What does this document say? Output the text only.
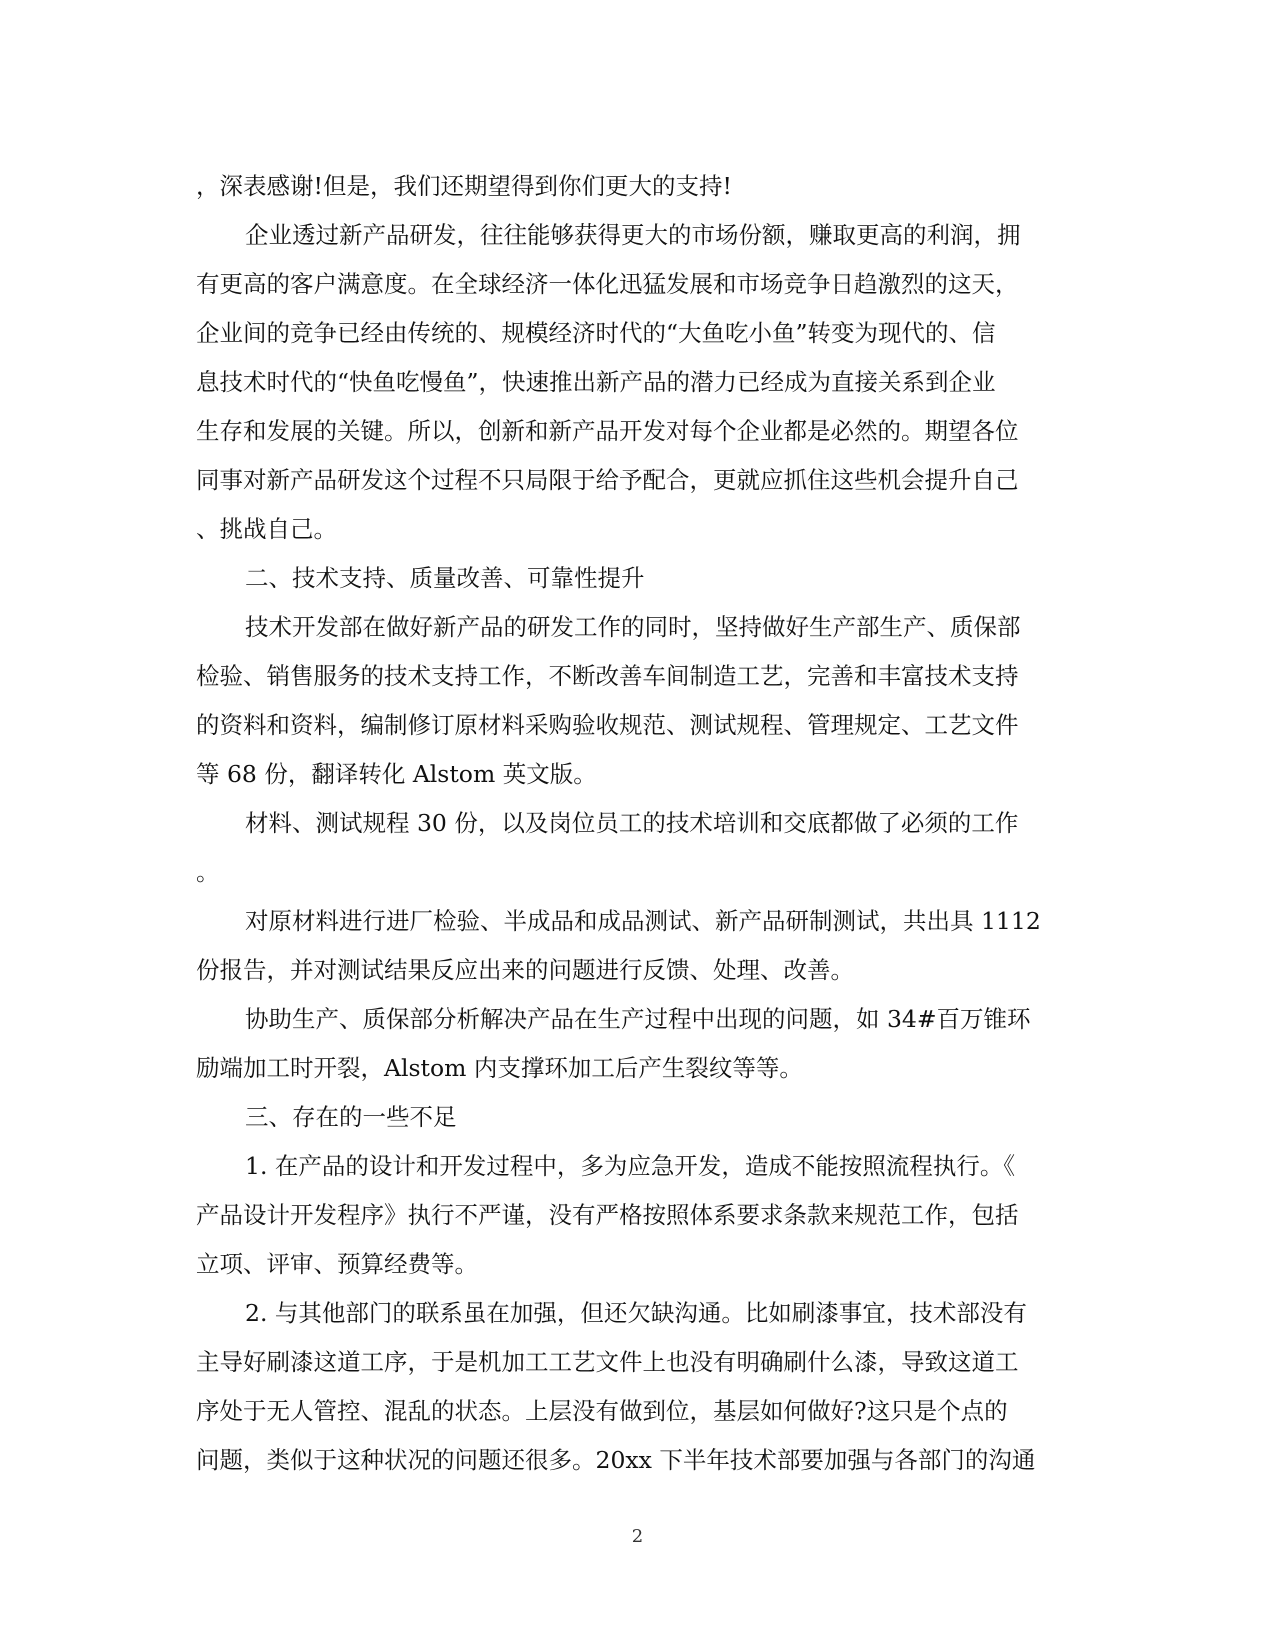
，深表感谢!但是，我们还期望得到你们更大的支持!
企业透过新产品研发，往往能够获得更大的市场份额，赚取更高的利润，拥
有更高的客户满意度。在全球经济一体化迅猛发展和市场竞争日趋激烈的这天，
企业间的竞争已经由传统的、规模经济时代的“大鱼吃小鱼”转变为现代的、信
息技术时代的“快鱼吃慢鱼”，快速推出新产品的潜力已经成为直接关系到企业
生存和发展的关键。所以，创新和新产品开发对每个企业都是必然的。期望各位
同事对新产品研发这个过程不只局限于给予配合，更就应抓住这些机会提升自己
、挑战自己。
二、技术支持、质量改善、可靠性提升
技术开发部在做好新产品的研发工作的同时，坚持做好生产部生产、质保部
检验、销售服务的技术支持工作，不断改善车间制造工艺，完善和丰富技术支持
的资料和资料，编制修订原材料采购验收规范、测试规程、管理规定、工艺文件
等 68 份，翻译转化 Alstom 英文版。
材料、测试规程 30 份，以及岗位员工的技术培训和交底都做了必须的工作
。
对原材料进行进厂检验、半成品和成品测试、新产品研制测试，共出具 1112
份报告，并对测试结果反应出来的问题进行反馈、处理、改善。
协助生产、质保部分析解决产品在生产过程中出现的问题，如 34#百万锥环
励端加工时开裂，Alstom 内支撑环加工后产生裂纹等等。
三、存在的一些不足
1. 在产品的设计和开发过程中，多为应急开发，造成不能按照流程执行。《
产品设计开发程序》执行不严谨，没有严格按照体系要求条款来规范工作，包括
立项、评审、预算经费等。
2. 与其他部门的联系虽在加强，但还欠缺沟通。比如刷漆事宜，技术部没有
主导好刷漆这道工序，于是机加工工艺文件上也没有明确刷什么漆，导致这道工
序处于无人管控、混乱的状态。上层没有做到位，基层如何做好?这只是个点的
问题，类似于这种状况的问题还很多。20xx 下半年技术部要加强与各部门的沟通
2
